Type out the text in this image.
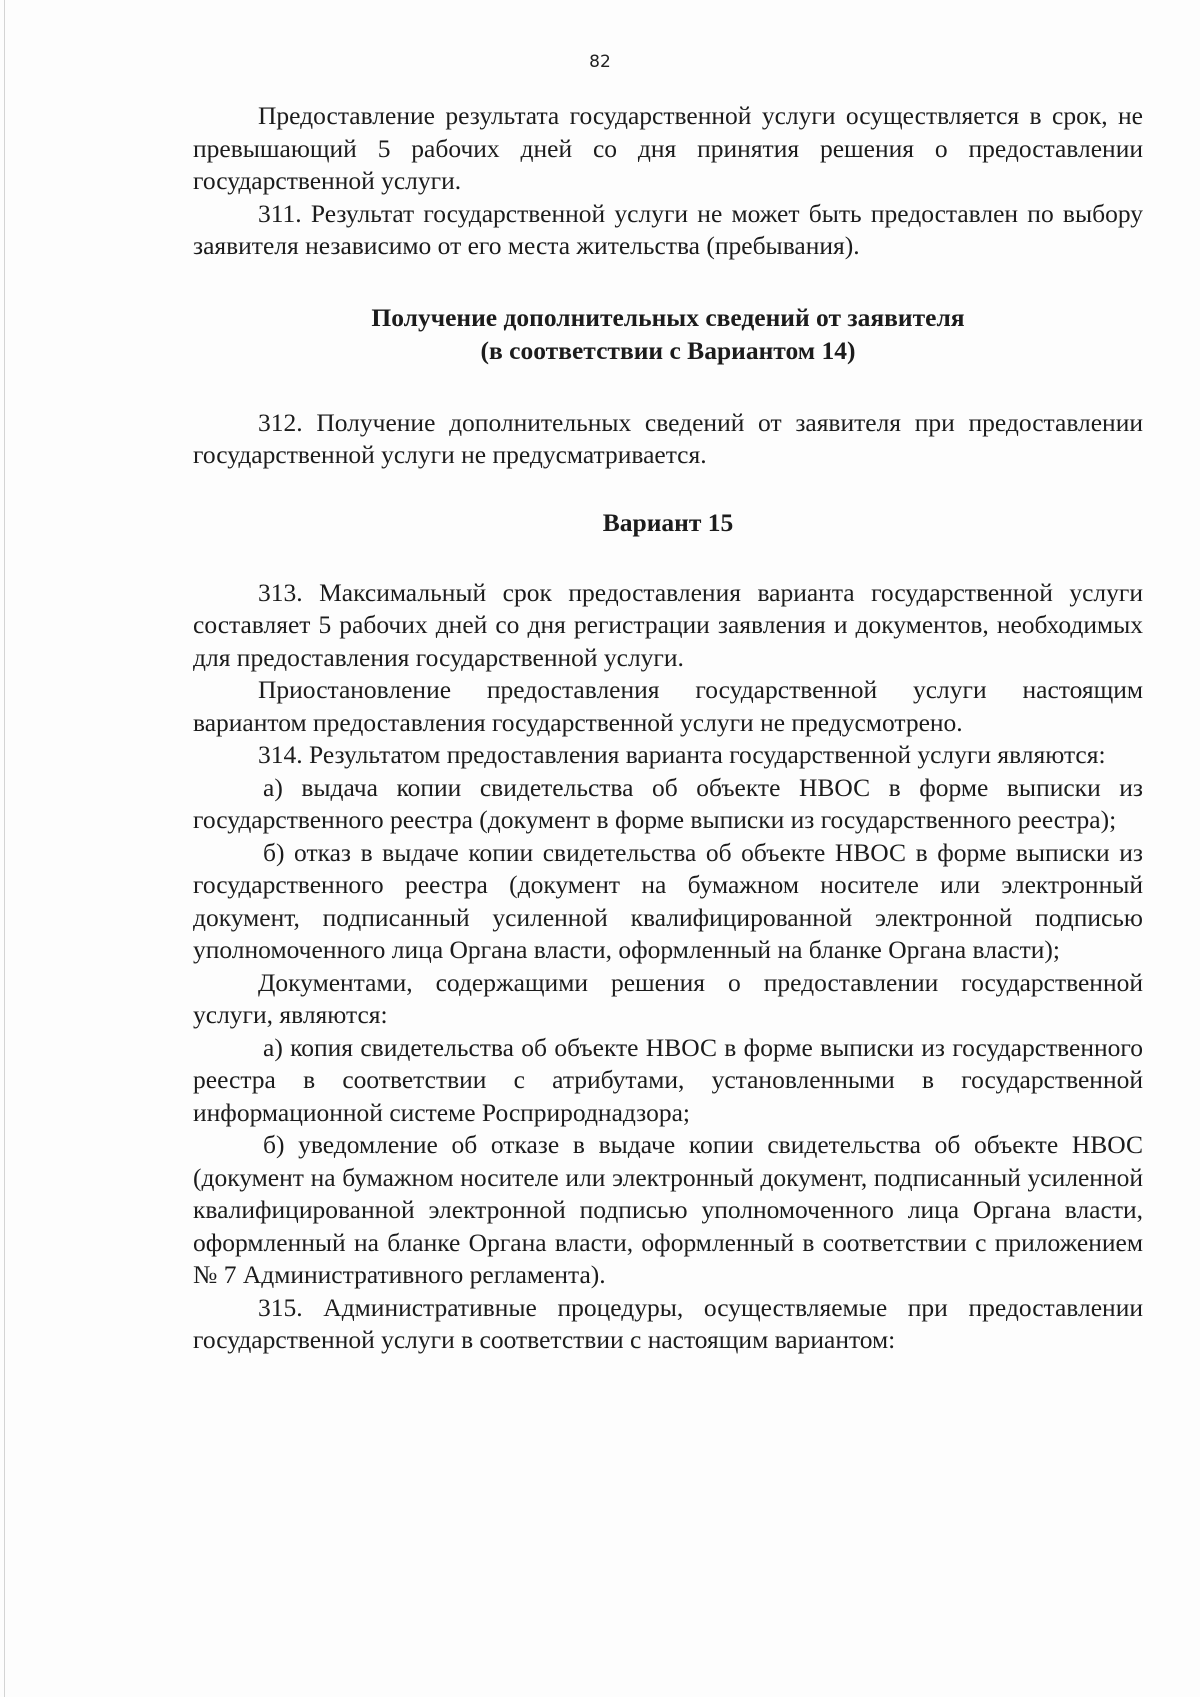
82

Предоставление результата государственной услуги осуществляется в срок, не превышающий 5 рабочих дней со дня принятия решения о предоставлении государственной услуги.

311. Результат государственной услуги не может быть предоставлен по выбору заявителя независимо от его места жительства (пребывания).

Получение дополнительных сведений от заявителя
(в соответствии с Вариантом 14)

312. Получение дополнительных сведений от заявителя при предоставлении государственной услуги не предусматривается.

Вариант 15

313. Максимальный срок предоставления варианта государственной услуги составляет 5 рабочих дней со дня регистрации заявления и документов, необходимых для предоставления государственной услуги.

Приостановление предоставления государственной услуги настоящим вариантом предоставления государственной услуги не предусмотрено.

314. Результатом предоставления варианта государственной услуги являются:

а) выдача копии свидетельства об объекте НВОС в форме выписки из государственного реестра (документ в форме выписки из государственного реестра);

б) отказ в выдаче копии свидетельства об объекте НВОС в форме выписки из государственного реестра (документ на бумажном носителе или электронный документ, подписанный усиленной квалифицированной электронной подписью уполномоченного лица Органа власти, оформленный на бланке Органа власти);

Документами, содержащими решения о предоставлении государственной услуги, являются:

а) копия свидетельства об объекте НВОС в форме выписки из государственного реестра в соответствии с атрибутами, установленными в государственной информационной системе Росприроднадзора;

б) уведомление об отказе в выдаче копии свидетельства об объекте НВОС (документ на бумажном носителе или электронный документ, подписанный усиленной квалифицированной электронной подписью уполномоченного лица Органа власти, оформленный на бланке Органа власти, оформленный в соответствии с приложением № 7 Административного регламента).

315. Административные процедуры, осуществляемые при предоставлении государственной услуги в соответствии с настоящим вариантом:
